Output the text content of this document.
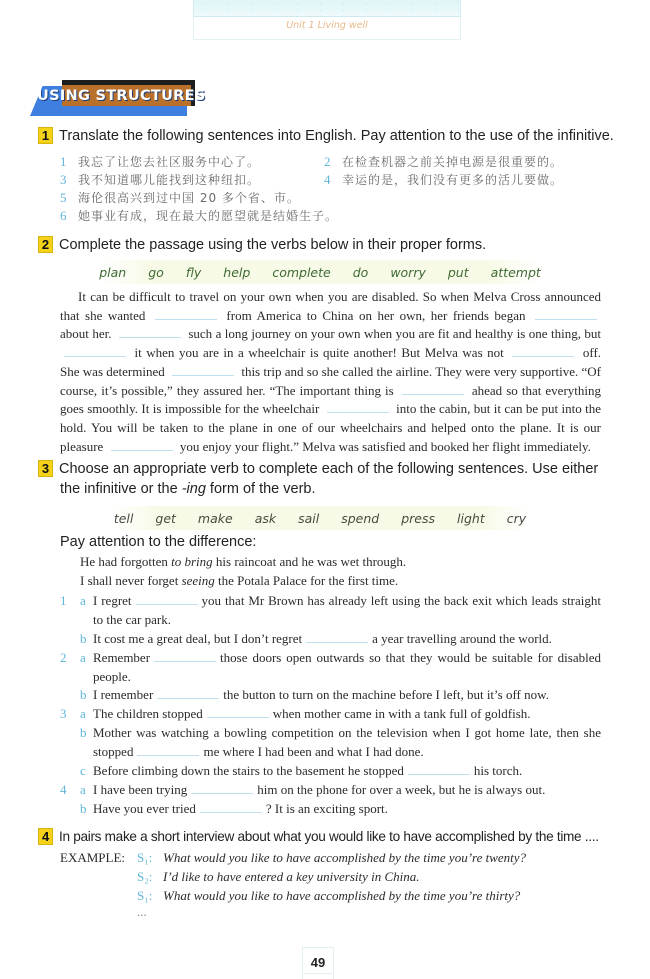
Unit 1 Living well
USING STRUCTURES
1 Translate the following sentences into English. Pay attention to the use of the infinitive.
1 我忘了让您去社区服务中心了。	2 在检查机器之前关掉电源是很重要的。
3 我不知道哪儿能找到这种纽扣。	4 幸运的是，我们没有更多的活儿要做。
5 海伦很高兴到过中国 20 多个省、市。
6 她事业有成，现在最大的愿望就是结婚生子。
2 Complete the passage using the verbs below in their proper forms.
plan go fly help complete do worry put attempt
It can be difficult to travel on your own when you are disabled. So when Melva Cross announced that she wanted	from America to China on her own, her friends began  about her.	such a long journey on your own when you are fit and healthy is one thing, but  it when you are in a wheelchair is quite another! But Melva was not	off. She was determined	this trip and so she called the airline. They were very supportive. “Of course, it’s possible,” they assured her. “The important thing is	ahead so that everything goes smoothly. It is impossible for the wheelchair	into the cabin, but it can be put into the hold. You will be taken to the plane in one of our wheelchairs and helped onto the plane. It is our pleasure	you enjoy your flight.” Melva was satisfied and booked her flight immediately.
3 Choose an appropriate verb to complete each of the following sentences. Use either
the infinitive or the -ing form of the verb.
tell get make ask sail spend press light cry
Pay attention to the difference:
He had forgotten to bring his raincoat and he was wet through.
I shall never forget seeing the Potala Palace for the first time.
1 a I regret	you that Mr Brown has already left using the back exit which leads straight to the car park.
b It cost me a great deal, but I don’t regret	a year travelling around the world.
2 a Remember	those doors open outwards so that they would be suitable for disabled people.
b I remember	the button to turn on the machine before I left, but it’s off now.
3 a The children stopped	when mother came in with a tank full of goldfish.
b Mother was watching a bowling competition on the television when I got home late, then she stopped	me where I had been and what I had done.
c Before climbing down the stairs to the basement he stopped	his torch.
4 a I have been trying	him on the phone for over a week, but he is always out.
b Have you ever tried	? It is an exciting sport.
4 In pairs make a short interview about what you would like to have accomplished by the time ....
EXAMPLE: S₁: What would you like to have accomplished by the time you’re twenty?
S₂: I’d like to have entered a key university in China.
S₁: What would you like to have accomplished by the time you’re thirty?
...
49
